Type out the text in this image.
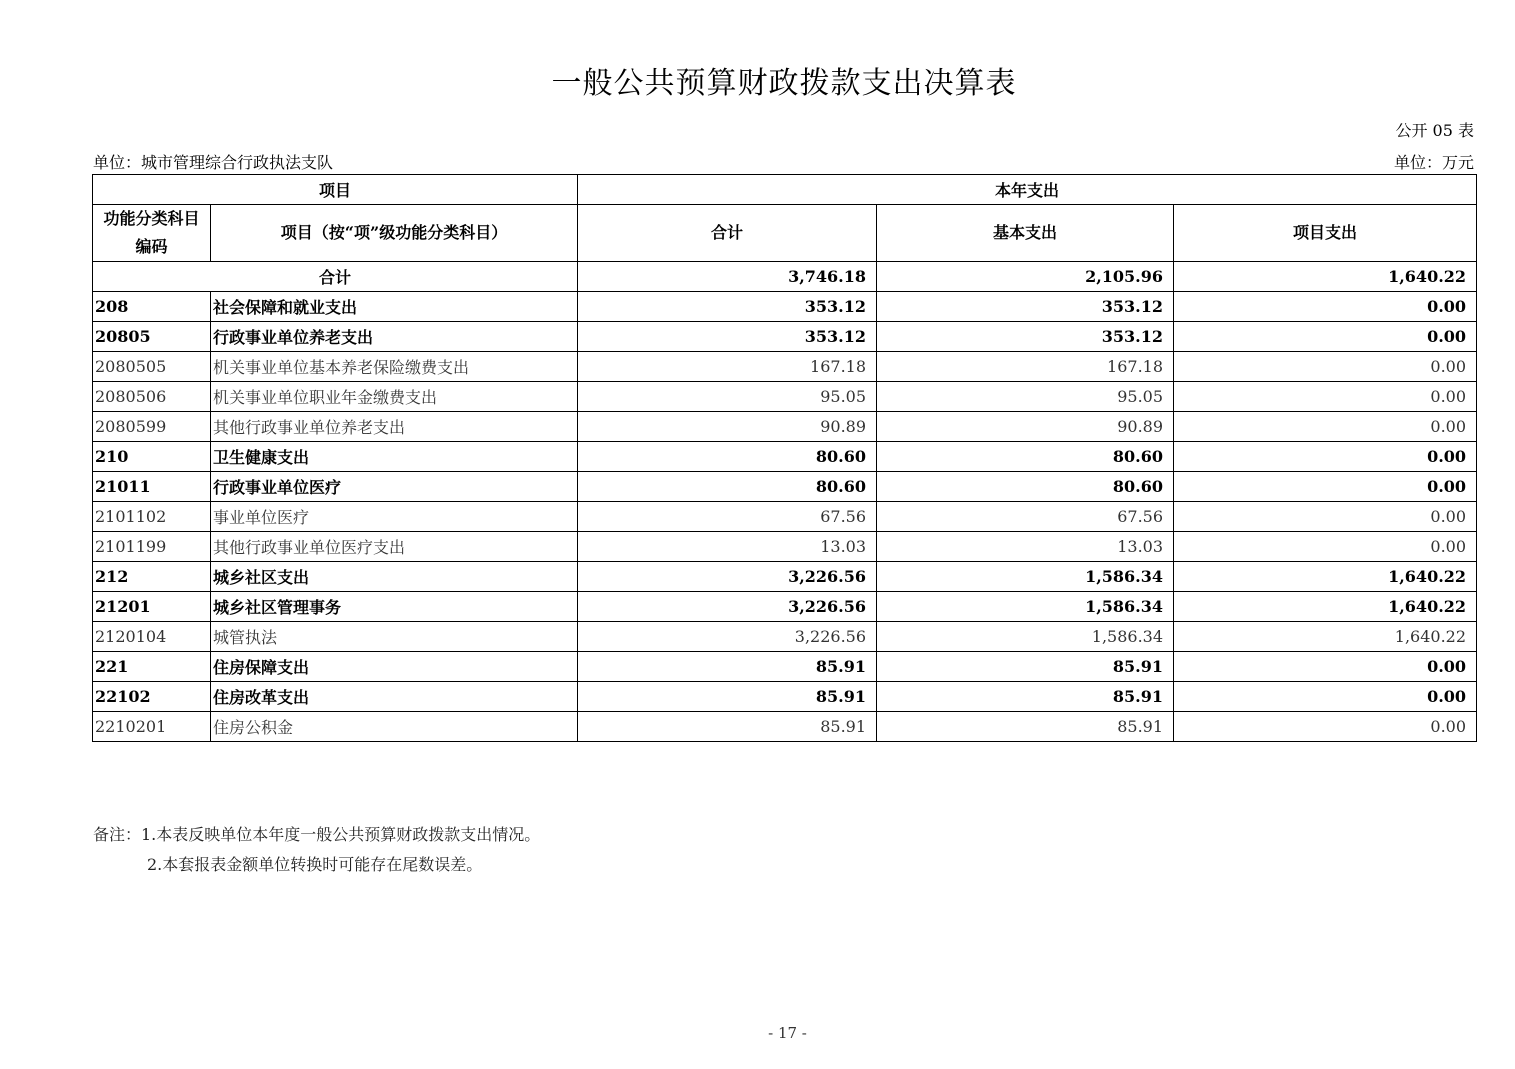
一般公共预算财政拨款支出决算表
公开 05 表
单位：城市管理综合行政执法支队	单位：万元
项目		本年支出		
功能分类科目编码	项目（按“项”级功能分类科目）	合计	基本支出	项目支出
合计		3,746.18	2,105.96	1,640.22
208	社会保障和就业支出	353.12	353.12	0.00
20805	行政事业单位养老支出	353.12	353.12	0.00
2080505	机关事业单位基本养老保险缴费支出	167.18	167.18	0.00
2080506	机关事业单位职业年金缴费支出	95.05	95.05	0.00
2080599	其他行政事业单位养老支出	90.89	90.89	0.00
210	卫生健康支出	80.60	80.60	0.00
21011	行政事业单位医疗	80.60	80.60	0.00
2101102	事业单位医疗	67.56	67.56	0.00
2101199	其他行政事业单位医疗支出	13.03	13.03	0.00
212	城乡社区支出	3,226.56	1,586.34	1,640.22
21201	城乡社区管理事务	3,226.56	1,586.34	1,640.22
2120104	城管执法	3,226.56	1,586.34	1,640.22
221	住房保障支出	85.91	85.91	0.00
22102	住房改革支出	85.91	85.91	0.00
2210201	住房公积金	85.91	85.91	0.00
备注：1.本表反映单位本年度一般公共预算财政拨款支出情况。
2.本套报表金额单位转换时可能存在尾数误差。
- 17 -
